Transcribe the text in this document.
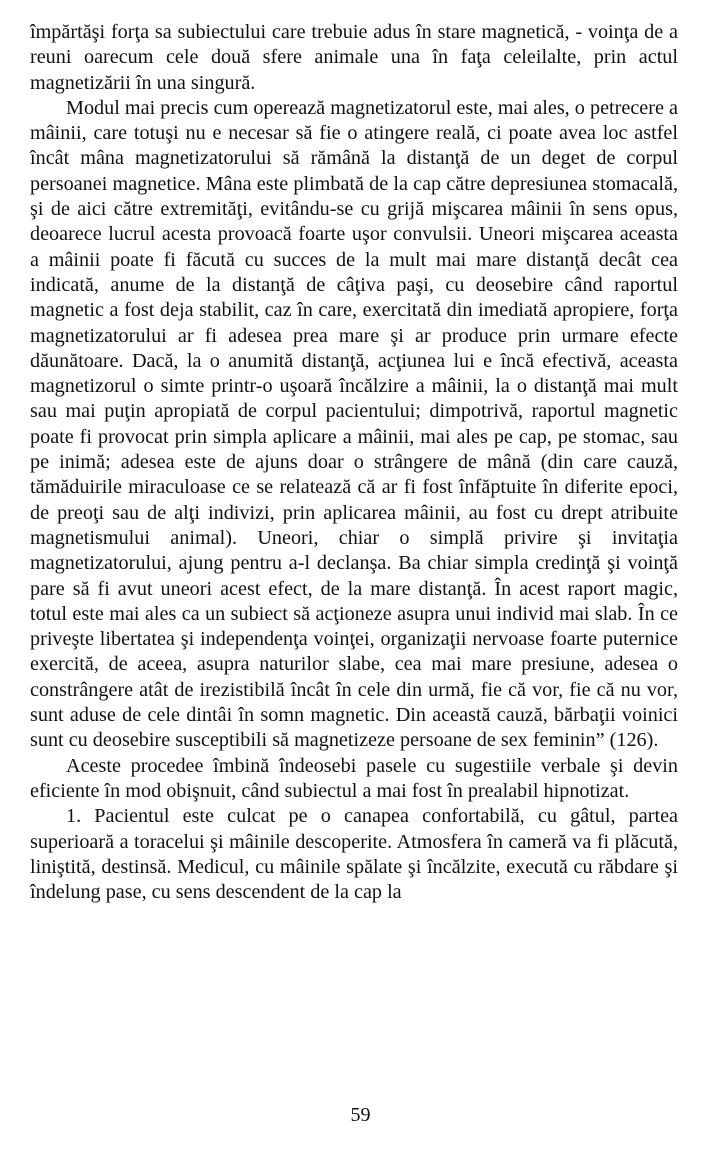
împărtăşi forţa sa subiectului care trebuie adus în stare magnetică, - voinţa de a reuni oarecum cele două sfere animale una în faţa celeilalte, prin actul magnetizării în una singură.

Modul mai precis cum operează magnetizatorul este, mai ales, o petrecere a mâinii, care totuşi nu e necesar să fie o atingere reală, ci poate avea loc astfel încât mâna magnetizatorului să rămână la distanţă de un deget de corpul persoanei magnetice. Mâna este plimbată de la cap către depresiunea stomacală, şi de aici către extremităţi, evitându-se cu grijă mişcarea mâinii în sens opus, deoarece lucrul acesta provoacă foarte uşor convulsii. Uneori mişcarea aceasta a mâinii poate fi făcută cu succes de la mult mai mare distanţă decât cea indicată, anume de la distanţă de câţiva paşi, cu deosebire când raportul magnetic a fost deja stabilit, caz în care, exercitată din imediată apropiere, forţa magnetizatorului ar fi adesea prea mare şi ar produce prin urmare efecte dăunătoare. Dacă, la o anumită distanţă, acţiunea lui e încă efectivă, aceasta magnetizorul o simte printr-o uşoară încălzire a mâinii, la o distanţă mai mult sau mai puţin apropiată de corpul pacientului; dimpotrivă, raportul magnetic poate fi provocat prin simpla aplicare a mâinii, mai ales pe cap, pe stomac, sau pe inimă; adesea este de ajuns doar o strângere de mână (din care cauză, tămăduirile miraculoase ce se relatează că ar fi fost înfăptuite în diferite epoci, de preoţi sau de alţi indivizi, prin aplicarea mâinii, au fost cu drept atribuite magnetismului animal). Uneori, chiar o simplă privire şi invitaţia magnetizatorului, ajung pentru a-l declanşa. Ba chiar simpla credinţă şi voinţă pare să fi avut uneori acest efect, de la mare distanţă. În acest raport magic, totul este mai ales ca un subiect să acţioneze asupra unui individ mai slab. În ce priveşte libertatea şi independenţa voinţei, organizaţii nervoase foarte puternice exercită, de aceea, asupra naturilor slabe, cea mai mare presiune, adesea o constrângere atât de irezistibilă încât în cele din urmă, fie că vor, fie că nu vor, sunt aduse de cele dintâi în somn magnetic. Din această cauză, bărbaţii voinici sunt cu deosebire susceptibili să magnetizeze persoane de sex feminin” (126).

Aceste procedee îmbină îndeosebi pasele cu sugestiile verbale şi devin eficiente în mod obişnuit, când subiectul a mai fost în prealabil hipnotizat.

1. Pacientul este culcat pe o canapea confortabilă, cu gâtul, partea superioară a toracelui şi mâinile descoperite. Atmosfera în cameră va fi plăcută, liniştită, destinsă. Medicul, cu mâinile spălate şi încălzite, execută cu răbdare şi îndelung pase, cu sens descendent de la cap la

59
